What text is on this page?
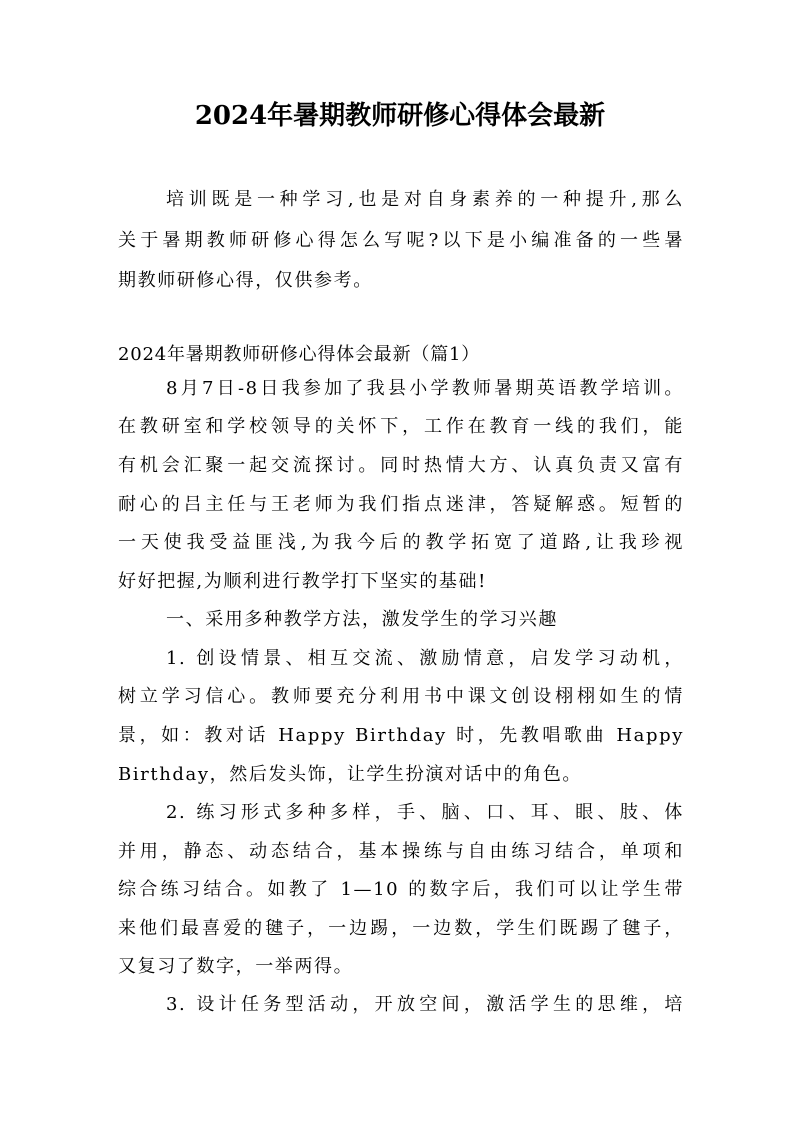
2024年暑期教师研修心得体会最新
培训既是一种学习,也是对自身素养的一种提升,那么
关于暑期教师研修心得怎么写呢?以下是小编准备的一些暑
期教师研修心得，仅供参考。
2024年暑期教师研修心得体会最新（篇1）
8月7日-8日我参加了我县小学教师暑期英语教学培训。
在教研室和学校领导的关怀下，工作在教育一线的我们，能
有机会汇聚一起交流探讨。同时热情大方、认真负责又富有
耐心的吕主任与王老师为我们指点迷津，答疑解惑。短暂的
一天使我受益匪浅,为我今后的教学拓宽了道路,让我珍视
好好把握,为顺利进行教学打下坚实的基础!
一、采用多种教学方法，激发学生的学习兴趣
1. 创设情景、相互交流、激励情意，启发学习动机，
树立学习信心。教师要充分利用书中课文创设栩栩如生的情
景，如：教对话 Happy Birthday 时，先教唱歌曲 Happy
Birthday，然后发头饰，让学生扮演对话中的角色。
2. 练习形式多种多样，手、脑、口、耳、眼、肢、体
并用，静态、动态结合，基本操练与自由练习结合，单项和
综合练习结合。如教了 1—10 的数字后，我们可以让学生带
来他们最喜爱的毽子，一边踢，一边数，学生们既踢了毽子，
又复习了数字，一举两得。
3. 设计任务型活动，开放空间，激活学生的思维，培
